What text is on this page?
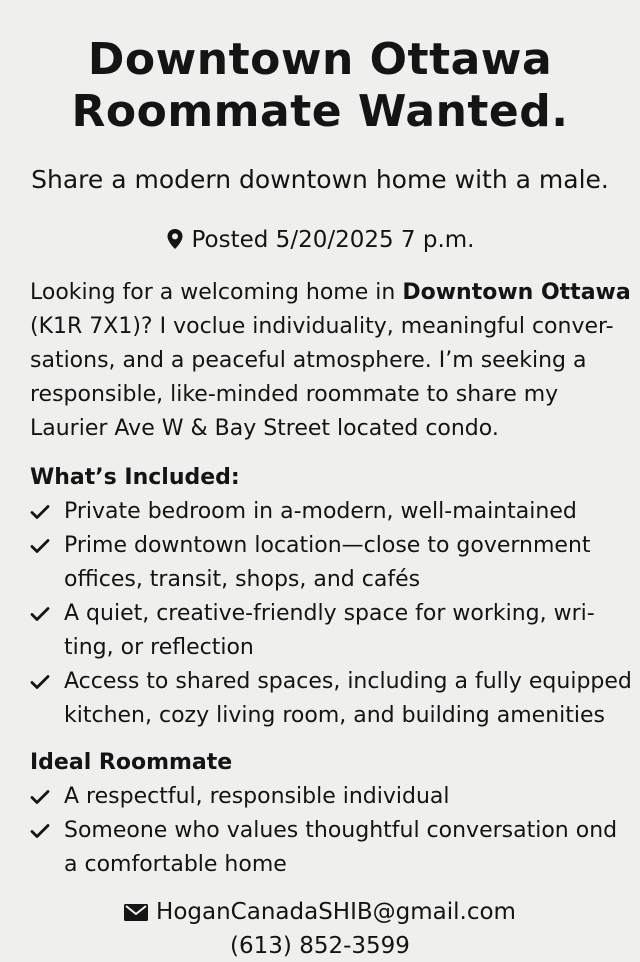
Downtown Ottawa
Roommate Wanted.
Share a modern downtown home with a male.
Posted 5/20/2025 7 p.m.

Looking for a welcoming home in Downtown Ottawa (K1R 7X1)? I voclue individuality, meaningful conver-sations, and a peaceful atmosphere. I’m seeking a responsible, like-minded roommate to share my Laurier Ave W & Bay Street located condo.

What’s Included:
Private bedroom in a-modern, well-maintained
Prime downtown location—close to government offices, transit, shops, and cafés
A quiet, creative-friendly space for working, wri-ting, or reflection
Access to shared spaces, including a fully equipped kitchen, cozy living room, and building amenities
Ideal Roommate
A respectful, responsible individual
Someone who values thoughtful conversation ond a comfortable home
HoganCanadaSHIB@gmail.com
(613) 852-3599
